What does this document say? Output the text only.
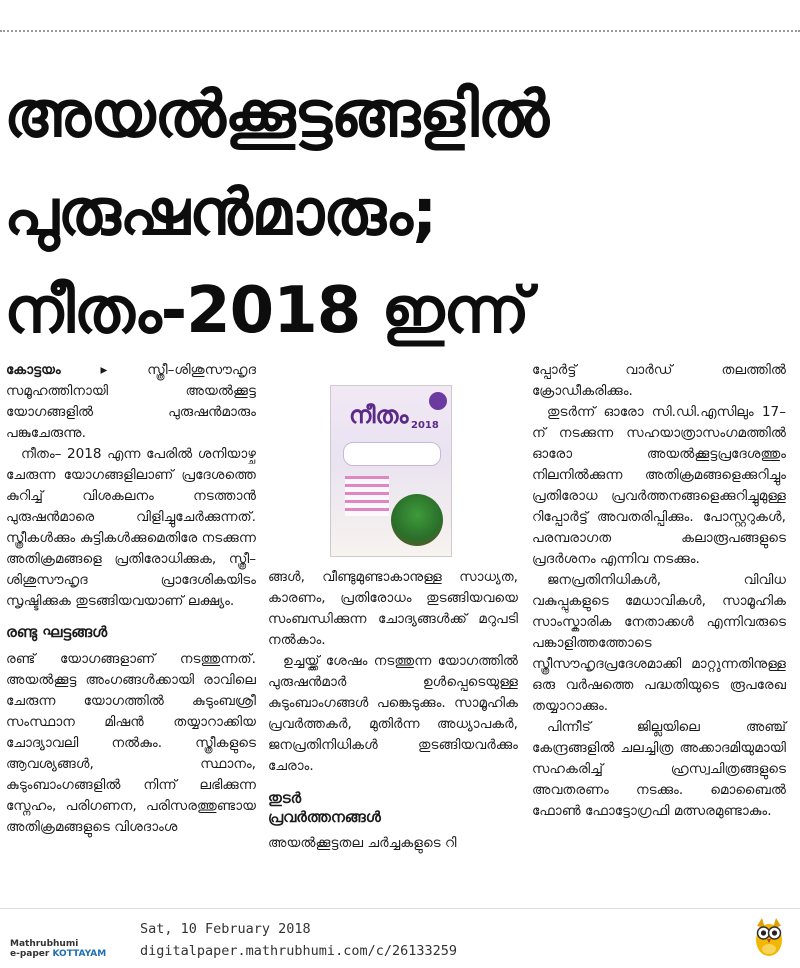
അയൽക്കൂട്ടങ്ങളിൽ
പുരുഷൻമാരും;
നീതം-2018 ഇന്ന്

കോട്ടയം	▸	സ്ത്രീ–ശിശുസൗഹൃദ സമൂഹത്തിനായി അയൽക്കൂട്ട യോഗങ്ങളിൽ പുരുഷൻമാരും പങ്കുചേരുന്നു.

നീതം– 2018 എന്ന പേരിൽ ശനിയാഴ്ച ചേരുന്ന യോഗങ്ങളിലാണ് പ്രദേശത്തെ കുറിച്ച് വിശകലനം നടത്താൻ പുരുഷൻമാരെ വിളിച്ചുചേർക്കുന്നത്. സ്ത്രീകൾക്കും കുട്ടികൾക്കുമെതിരേ നടക്കുന്ന അതിക്രമങ്ങളെ പ്രതിരോധിക്കുക, സ്ത്രീ–ശിശുസൗഹൃദ പ്രാദേശികയിടം സൃഷ്ടിക്കുക തുടങ്ങിയവയാണ് ലക്ഷ്യം.

രണ്ടു ഘട്ടങ്ങൾ

രണ്ട് യോഗങ്ങളാണ് നടത്തുന്നത്. അയൽക്കൂട്ട അംഗങ്ങൾക്കായി രാവിലെ ചേരുന്ന യോഗത്തിൽ കുടുംബശ്രീ സംസ്ഥാന മിഷൻ തയ്യാറാക്കിയ ചോദ്യാവലി നൽകും. സ്ത്രീകളുടെ ആവശ്യങ്ങൾ, സ്ഥാനം, കുടുംബാംഗങ്ങളിൽ നിന്ന് ലഭിക്കുന്ന സ്നേഹം, പരിഗണന, പരിസരത്തുണ്ടായ അതിക്രമങ്ങളുടെ വിശദാംശ

നീതം 2018

ങ്ങൾ, വീണ്ടുമുണ്ടാകാനുള്ള സാധ്യത, കാരണം, പ്രതിരോധം തുടങ്ങിയവയെ സംബന്ധിക്കുന്ന ചോദ്യങ്ങൾക്ക് മറുപടി നൽകാം.

ഉച്ചയ്ക്ക് ശേഷം നടത്തുന്ന യോഗത്തിൽ പുരുഷൻമാർ ഉൾപ്പെടെയുള്ള കുടുംബാംഗങ്ങൾ പങ്കെടുക്കും. സാമൂഹിക പ്രവർത്തകർ, മുതിർന്ന അധ്യാപകർ, ജനപ്രതിനിധികൾ തുടങ്ങിയവർക്കും ചേരാം.

തുടർ
പ്രവർത്തനങ്ങൾ

അയൽക്കൂട്ടതല ചർച്ചകളുടെ റി

പ്പോർട്ട് വാർഡ് തലത്തിൽ ക്രോഡീകരിക്കും.

തുടർന്ന് ഓരോ സി.ഡി.എസിലും 17–ന് നടക്കുന്ന സഹയാത്രാസംഗമത്തിൽ ഓരോ അയൽക്കൂട്ടപ്രദേശത്തും നിലനിൽക്കുന്ന അതിക്രമങ്ങളെക്കുറിച്ചും പ്രതിരോധ പ്രവർത്തനങ്ങളെക്കുറിച്ചുമുള്ള റിപ്പോർട്ട് അവതരിപ്പിക്കും. പോസ്റ്ററുകൾ, പരമ്പരാഗത കലാരൂപങ്ങളുടെ പ്രദർശനം എന്നിവ നടക്കും.

ജനപ്രതിനിധികൾ, വിവിധ വകുപ്പുകളുടെ മേധാവികൾ, സാമൂഹിക സാംസ്കാരിക നേതാക്കൾ എന്നിവരുടെ പങ്കാളിത്തത്തോടെ സ്ത്രീസൗഹൃദപ്രദേശമാക്കി മാറ്റുന്നതിനുള്ള ഒരു വർഷത്തെ പദ്ധതിയുടെ രൂപരേഖ തയ്യാറാക്കും.

പിന്നീട് ജില്ലയിലെ അഞ്ച് കേന്ദ്രങ്ങളിൽ ചലച്ചിത്ര അക്കാദമിയുമായി സഹകരിച്ച് ഹ്രസ്വചിത്രങ്ങളുടെ അവതരണം നടക്കും. മൊബൈൽ ഫോൺ ഫോട്ടോഗ്രഫി മത്സരമുണ്ടാകും.

Mathrubhumi
e-paper KOTTAYAM
Sat, 10 February 2018
digitalpaper.mathrubhumi.com/c/26133259
